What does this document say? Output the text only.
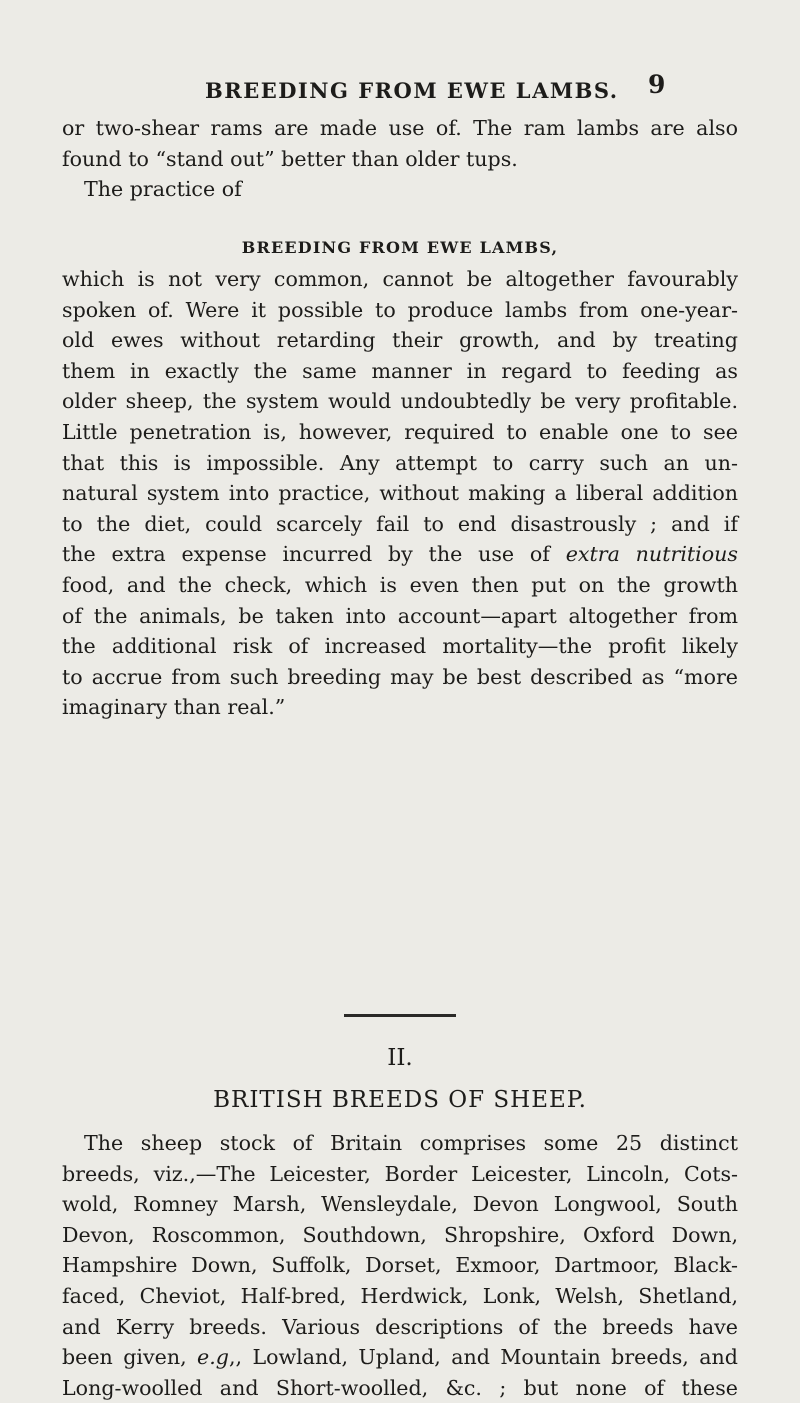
BREEDING FROM EWE LAMBS. 9
or two-shear rams are made use of. The ram lambs are also
found to “stand out” better than older tups.
The practice of
BREEDING FROM EWE LAMBS,
which is not very common, cannot be altogether favourably
spoken of. Were it possible to produce lambs from one-year-
old ewes without retarding their growth, and by treating
them in exactly the same manner in regard to feeding as
older sheep, the system would undoubtedly be very profitable.
Little penetration is, however, required to enable one to see
that this is impossible. Any attempt to carry such an un-
natural system into practice, without making a liberal addition
to the diet, could scarcely fail to end disastrously ; and if
the extra expense incurred by the use of extra nutritious
food, and the check, which is even then put on the growth
of the animals, be taken into account—apart altogether from
the additional risk of increased mortality—the profit likely
to accrue from such breeding may be best described as “more
imaginary than real.”
II.
BRITISH BREEDS OF SHEEP.
The sheep stock of Britain comprises some 25 distinct
breeds, viz.,—The Leicester, Border Leicester, Lincoln, Cots-
wold, Romney Marsh, Wensleydale, Devon Longwool, South
Devon, Roscommon, Southdown, Shropshire, Oxford Down,
Hampshire Down, Suffolk, Dorset, Exmoor, Dartmoor, Black-
faced, Cheviot, Half-bred, Herdwick, Lonk, Welsh, Shetland,
and Kerry breeds. Various descriptions of the breeds have
been given, e.g,, Lowland, Upland, and Mountain breeds, and
Long-woolled and Short-woolled, &c. ; but none of these
